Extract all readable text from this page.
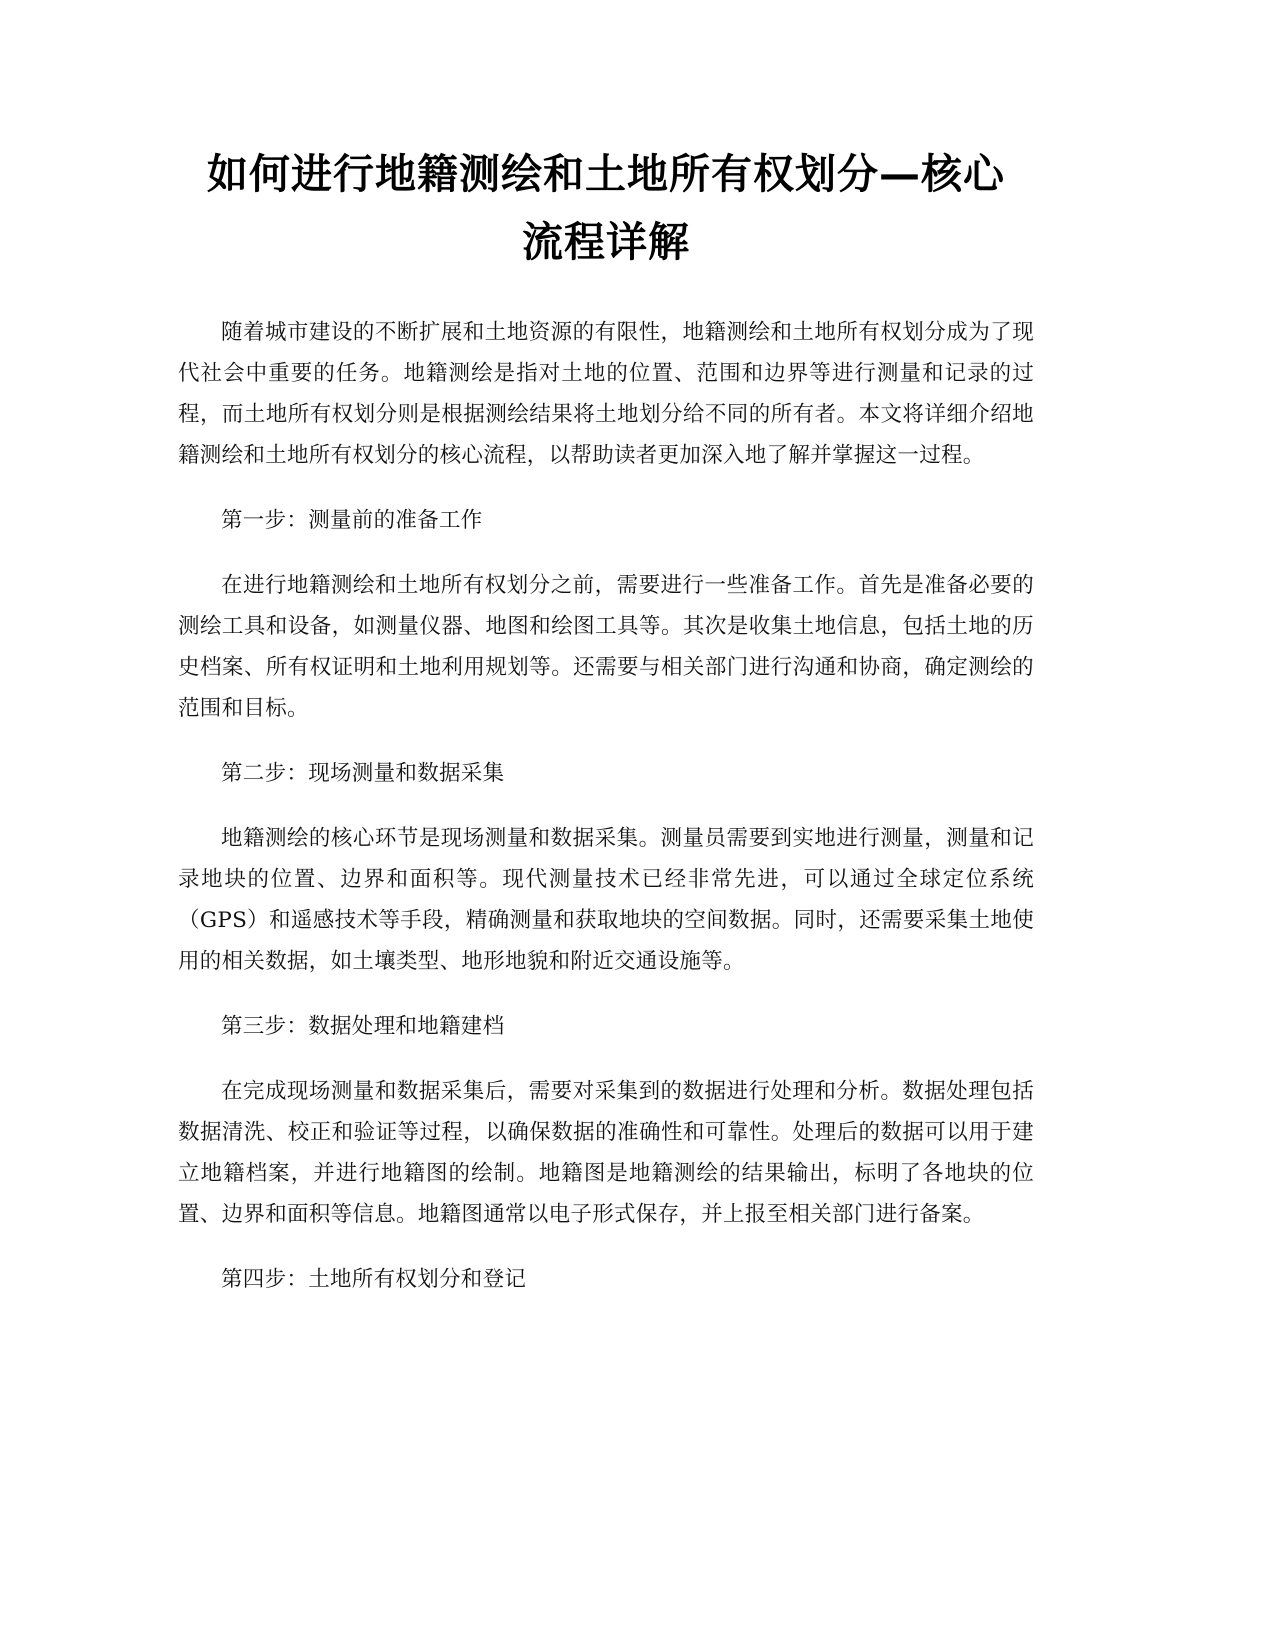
如何进行地籍测绘和土地所有权划分—核心
流程详解

随着城市建设的不断扩展和土地资源的有限性，地籍测绘和土地所有权划分成为了现代社会中重要的任务。地籍测绘是指对土地的位置、范围和边界等进行测量和记录的过程，而土地所有权划分则是根据测绘结果将土地划分给不同的所有者。本文将详细介绍地籍测绘和土地所有权划分的核心流程，以帮助读者更加深入地了解并掌握这一过程。

第一步：测量前的准备工作

在进行地籍测绘和土地所有权划分之前，需要进行一些准备工作。首先是准备必要的测绘工具和设备，如测量仪器、地图和绘图工具等。其次是收集土地信息，包括土地的历史档案、所有权证明和土地利用规划等。还需要与相关部门进行沟通和协商，确定测绘的范围和目标。

第二步：现场测量和数据采集

地籍测绘的核心环节是现场测量和数据采集。测量员需要到实地进行测量，测量和记录地块的位置、边界和面积等。现代测量技术已经非常先进，可以通过全球定位系统（GPS）和遥感技术等手段，精确测量和获取地块的空间数据。同时，还需要采集土地使用的相关数据，如土壤类型、地形地貌和附近交通设施等。

第三步：数据处理和地籍建档

在完成现场测量和数据采集后，需要对采集到的数据进行处理和分析。数据处理包括数据清洗、校正和验证等过程，以确保数据的准确性和可靠性。处理后的数据可以用于建立地籍档案，并进行地籍图的绘制。地籍图是地籍测绘的结果输出，标明了各地块的位置、边界和面积等信息。地籍图通常以电子形式保存，并上报至相关部门进行备案。

第四步：土地所有权划分和登记
